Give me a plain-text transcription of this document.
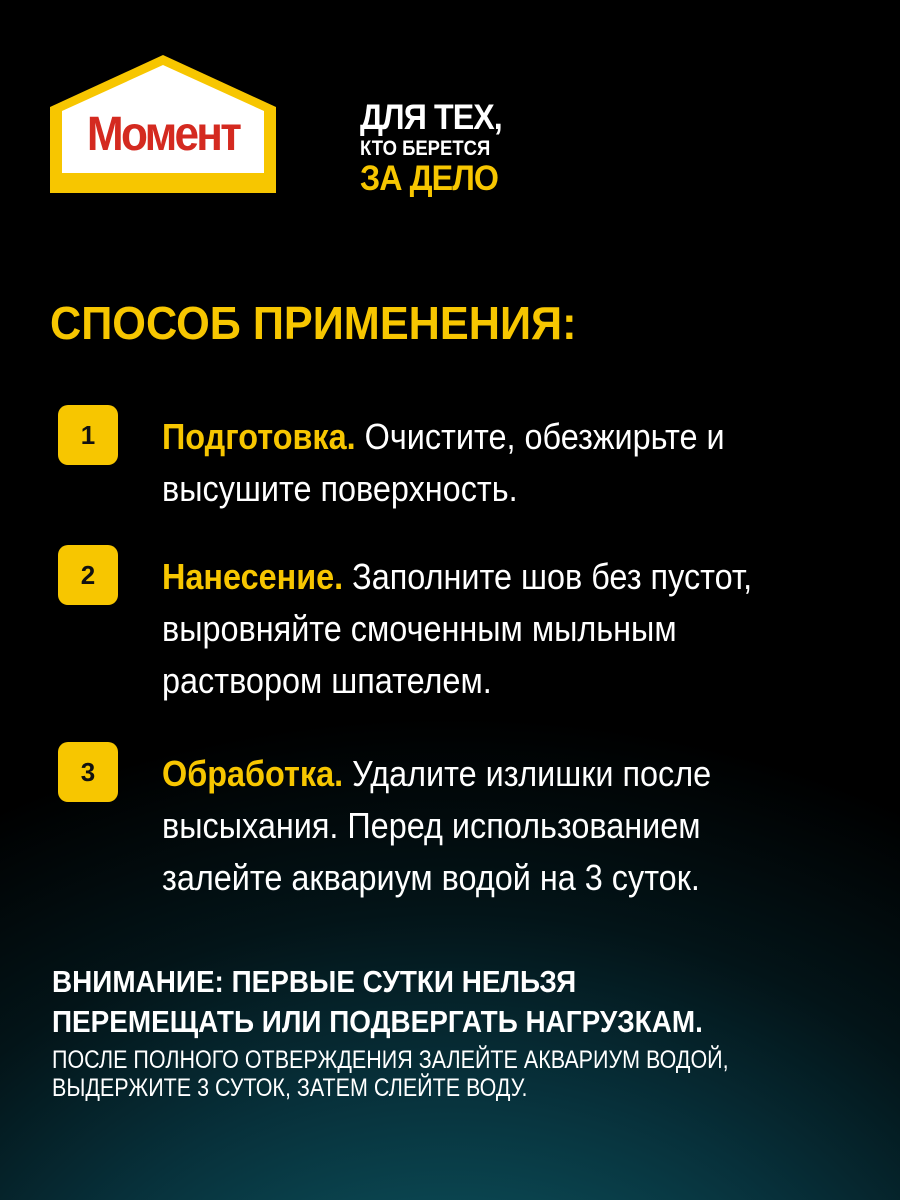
Момент	ДЛЯ ТЕХ,
КТО БЕРЕТСЯ
ЗА ДЕЛО
СПОСОБ ПРИМЕНЕНИЯ:
1	Подготовка. Очистите, обезжирьте и высушите поверхность.
2	Нанесение. Заполните шов без пустот, выровняйте смоченным мыльным раствором шпателем.
3	Обработка. Удалите излишки после высыхания. Перед использованием залейте аквариум водой на 3 суток.
ВНИМАНИЕ: ПЕРВЫЕ СУТКИ НЕЛЬЗЯ ПЕРЕМЕЩАТЬ ИЛИ ПОДВЕРГАТЬ НАГРУЗКАМ.
ПОСЛЕ ПОЛНОГО ОТВЕРЖДЕНИЯ ЗАЛЕЙТЕ АКВАРИУМ ВОДОЙ, ВЫДЕРЖИТЕ 3 СУТОК, ЗАТЕМ СЛЕЙТЕ ВОДУ.
